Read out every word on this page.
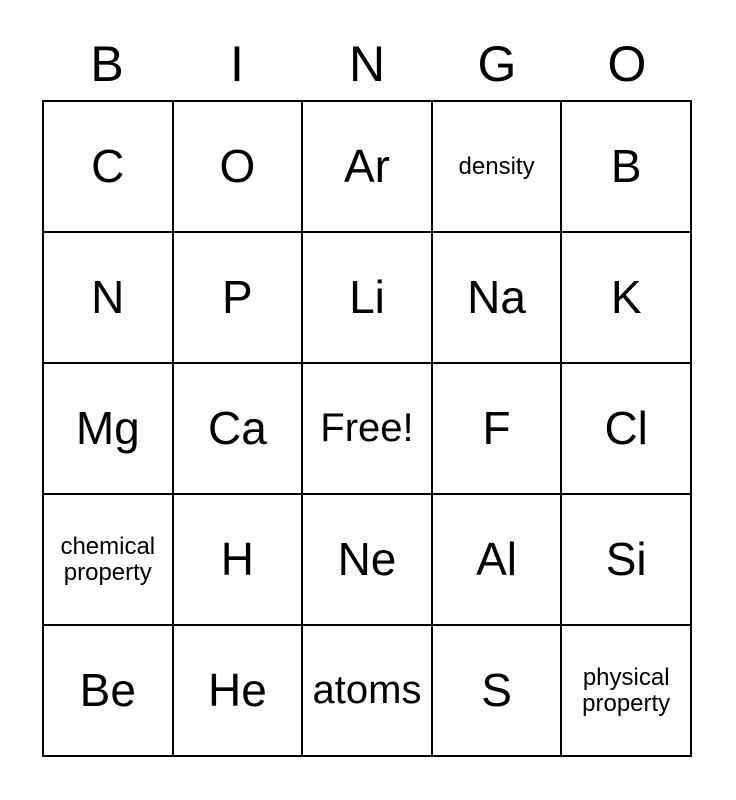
B	I	N	G	O
C O Ar	density B
N P Li Na K
Mg Ca Free! F Cl
chemical property	H Ne Al Si
Be He atoms S	physical property
